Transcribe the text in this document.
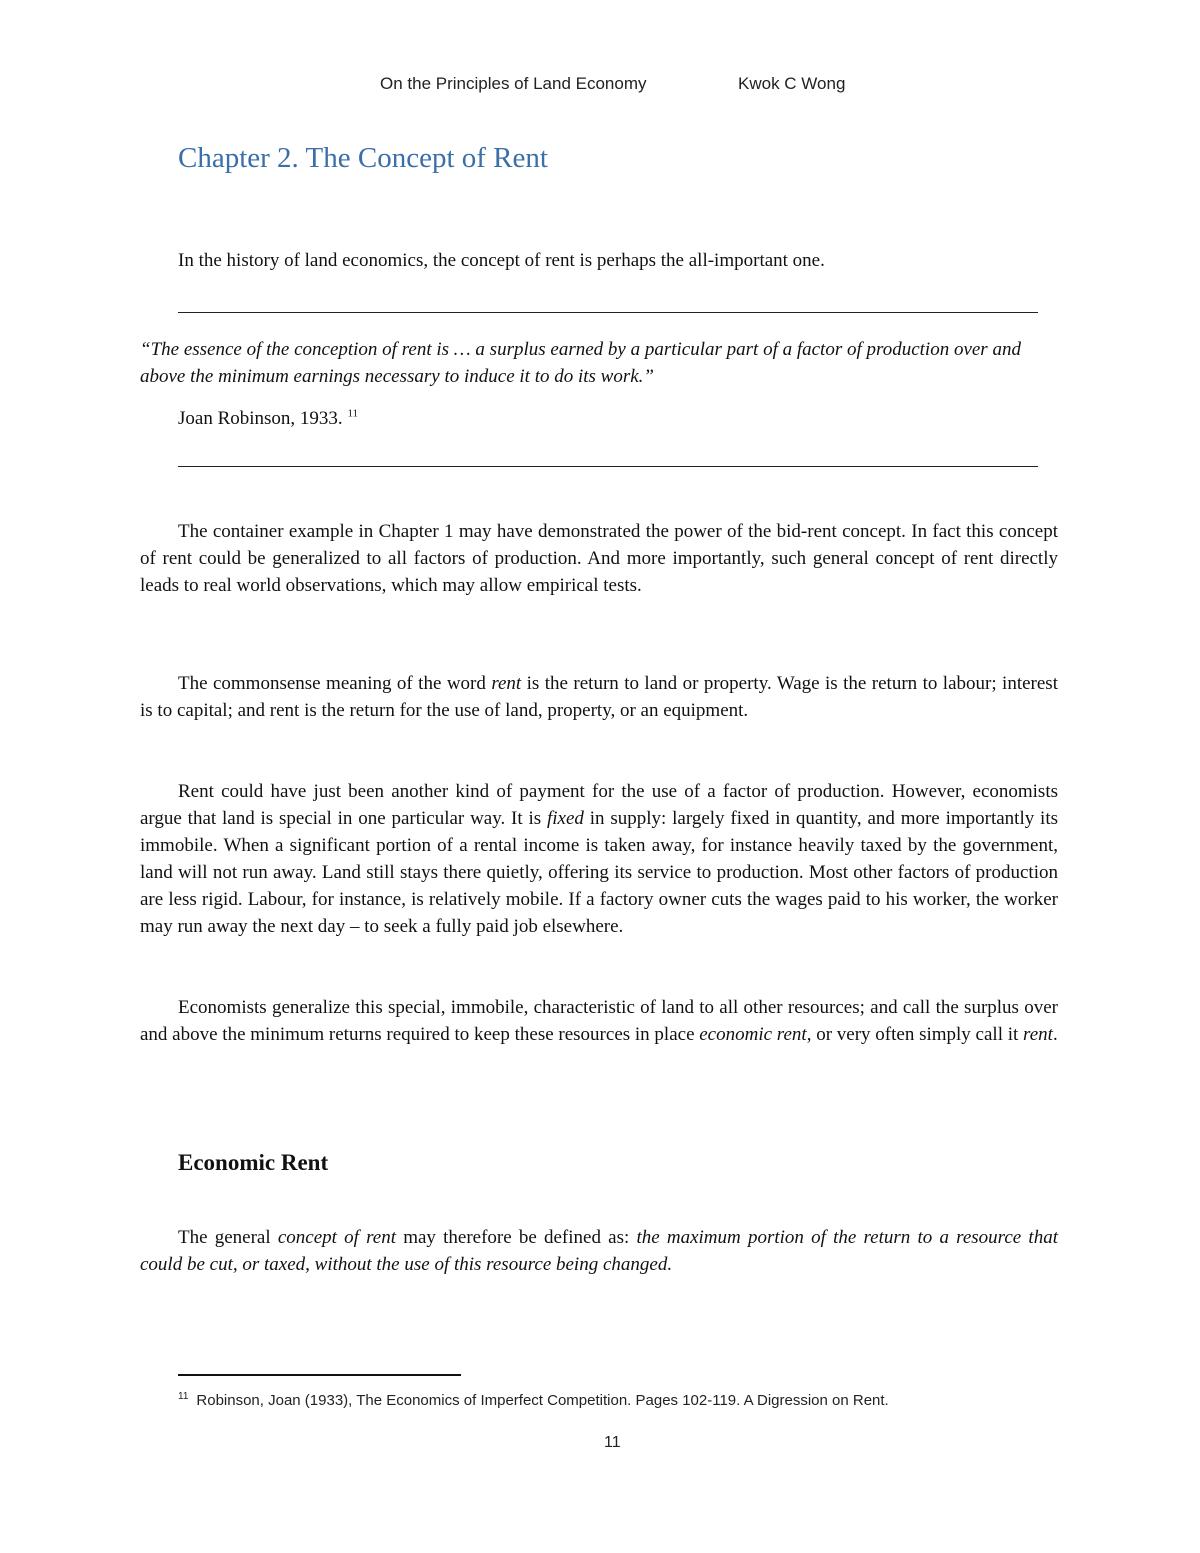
On the Principles of Land Economy	Kwok C Wong
Chapter 2. The Concept of Rent
In the history of land economics, the concept of rent is perhaps the all-important one.

“The essence of the conception of rent is … a surplus earned by a particular part of a factor of production over and above the minimum earnings necessary to induce it to do its work.”

Joan Robinson, 1933. $^{11}$

The container example in Chapter 1 may have demonstrated the power of the bid-rent concept. In fact this concept of rent could be generalized to all factors of production. And more importantly, such general concept of rent directly leads to real world observations, which may allow empirical tests.

The commonsense meaning of the word rent is the return to land or property. Wage is the return to labour; interest is to capital; and rent is the return for the use of land, property, or an equipment.

Rent could have just been another kind of payment for the use of a factor of production. However, economists argue that land is special in one particular way. It is fixed in supply: largely fixed in quantity, and more importantly its immobile. When a significant portion of a rental income is taken away, for instance heavily taxed by the government, land will not run away. Land still stays there quietly, offering its service to production. Most other factors of production are less rigid. Labour, for instance, is relatively mobile. If a factory owner cuts the wages paid to his worker, the worker may run away the next day – to seek a fully paid job elsewhere.

Economists generalize this special, immobile, characteristic of land to all other resources; and call the surplus over and above the minimum returns required to keep these resources in place economic rent, or very often simply call it rent.

Economic Rent

The general concept of rent may therefore be defined as: the maximum portion of the return to a resource that could be cut, or taxed, without the use of this resource being changed.

$^{11}$ Robinson, Joan (1933), The Economics of Imperfect Competition. Pages 102-119. A Digression on Rent.
11
